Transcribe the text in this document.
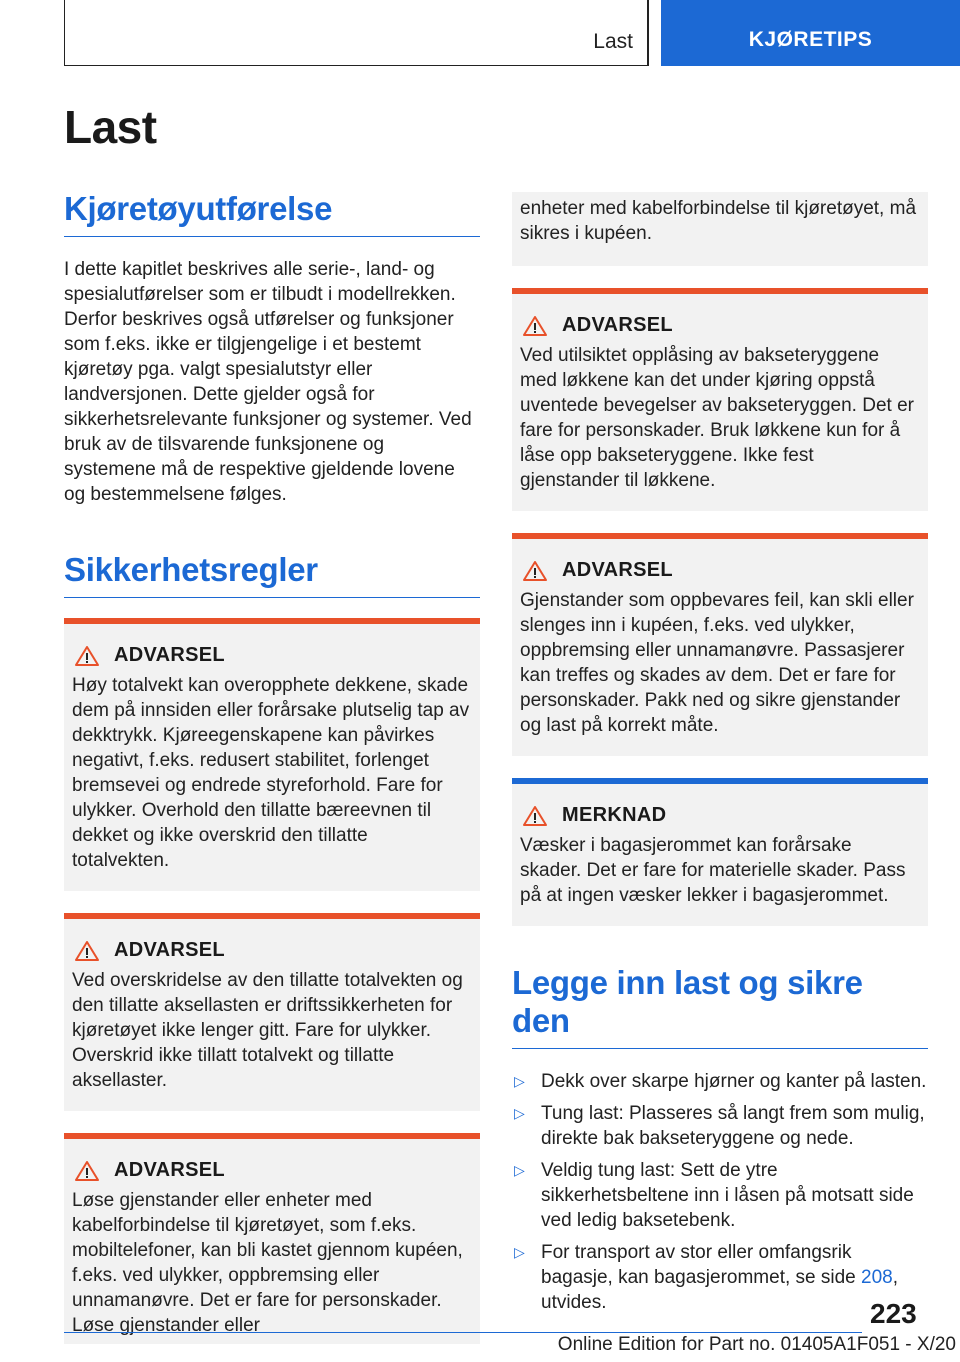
Last	KJØRETIPS
Last
Kjøretøyutførelse

I dette kapitlet beskrives alle serie-, land- og spesialutførelser som er tilbudt i modellrekken. Derfor beskrives også utførelser og funksjoner som f.eks. ikke er tilgjengelige i et bestemt kjøretøy pga. valgt spesialutstyr eller landversjonen. Dette gjelder også for sikkerhetsrelevante funksjoner og systemer. Ved bruk av de tilsvarende funksjonene og systemene må de respektive gjeldende lovene og bestemmelsene følges.

Sikkerhetsregler
ADVARSEL

Høy totalvekt kan overopphete dekkene, skade dem på innsiden eller forårsake plutselig tap av dekktrykk. Kjøreegenskapene kan påvirkes negativt, f.eks. redusert stabilitet, forlenget bremsevei og endrede styreforhold. Fare for ulykker. Overhold den tillatte bæreevnen til dekket og ikke overskrid den tillatte totalvekten.

ADVARSEL

Ved overskridelse av den tillatte totalvekten og den tillatte aksellasten er driftssikkerheten for kjøretøyet ikke lenger gitt. Fare for ulykker. Overskrid ikke tillatt totalvekt og tillatte aksellaster.

ADVARSEL

Løse gjenstander eller enheter med kabelforbindelse til kjøretøyet, som f.eks. mobiltelefoner, kan bli kastet gjennom kupéen, f.eks. ved ulykker, oppbremsing eller unnamanøvre. Det er fare for personskader. Løse gjenstander eller

enheter med kabelforbindelse til kjøretøyet, må sikres i kupéen.

ADVARSEL

Ved utilsiktet opplåsing av bakseteryggene med løkkene kan det under kjøring oppstå uventede bevegelser av bakseteryggen. Det er fare for personskader. Bruk løkkene kun for å låse opp bakseteryggene. Ikke fest gjenstander til løkkene.

ADVARSEL

Gjenstander som oppbevares feil, kan skli eller slenges inn i kupéen, f.eks. ved ulykker, oppbremsing eller unnamanøvre. Passasjerer kan treffes og skades av dem. Det er fare for personskader. Pakk ned og sikre gjenstander og last på korrekt måte.

MERKNAD

Væsker i bagasjerommet kan forårsake skader. Det er fare for materielle skader. Pass på at ingen væsker lekker i bagasjerommet.

Legge inn last og sikre den
▷ Dekk over skarpe hjørner og kanter på lasten.
▷ Tung last: Plasseres så langt frem som mulig, direkte bak bakseteryggene og nede.
▷ Veldig tung last: Sett de ytre sikkerhetsbeltene inn i låsen på motsatt side ved ledig baksetebenk.
▷ For transport av stor eller omfangsrik bagasje, kan bagasjerommet, se side 208, utvides.	223
Online Edition for Part no. 01405A1F051 - X/20
